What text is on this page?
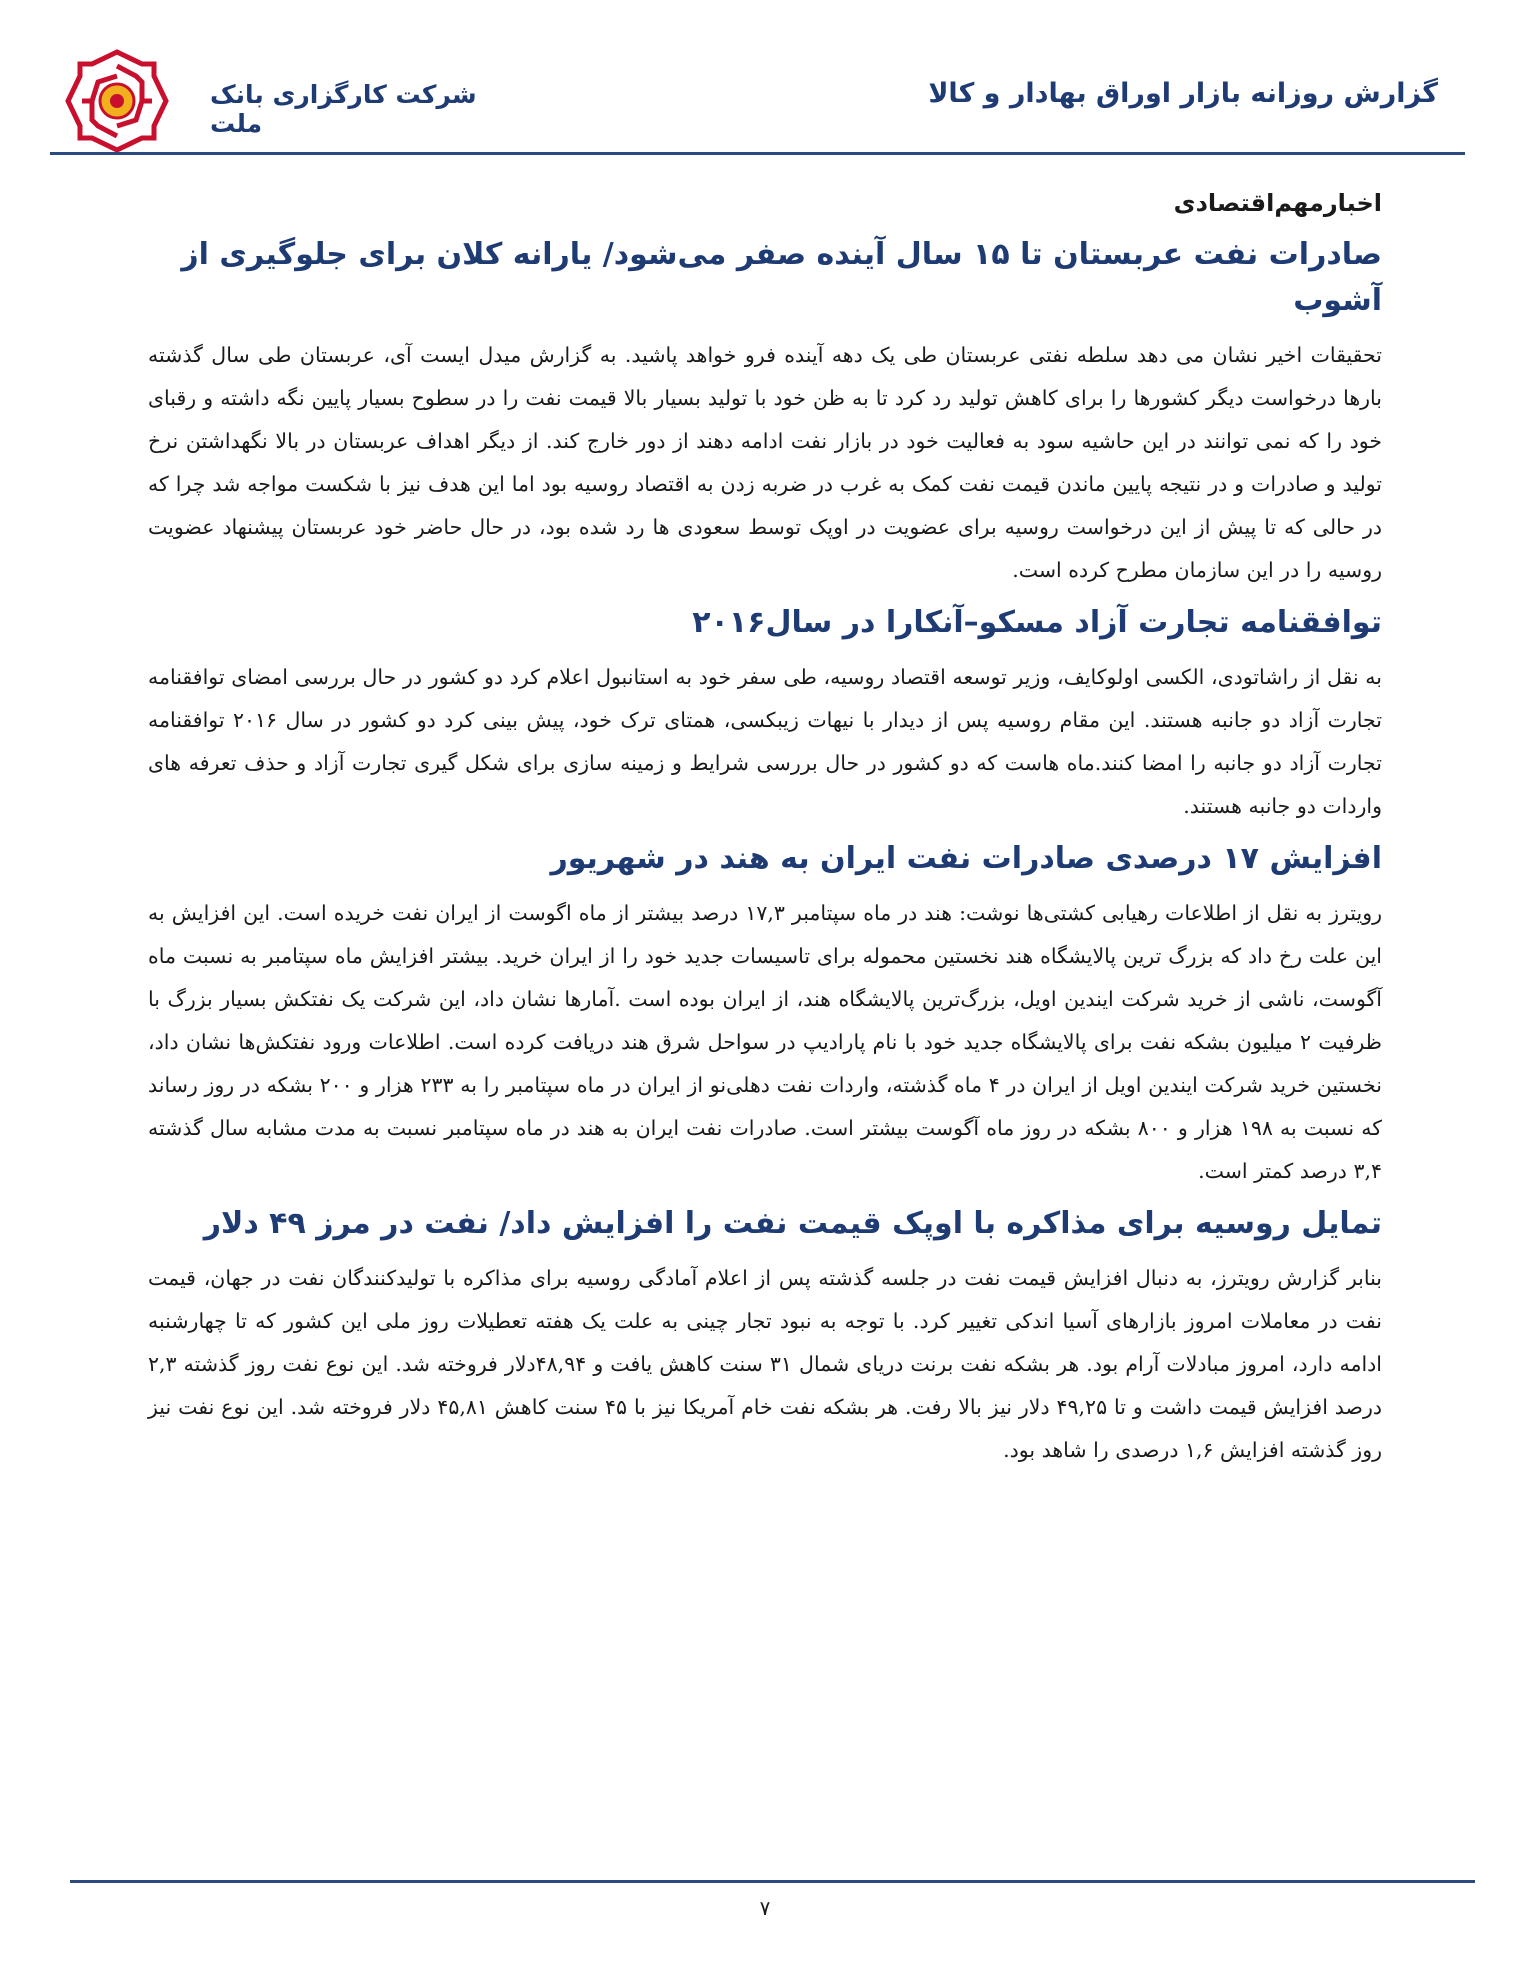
شرکت کارگزاری بانک ملت
گزارش روزانه بازار اوراق بهادار و کالا
اخبارمهم‌اقتصادی
صادرات نفت عربستان تا ۱۵ سال آینده صفر می‌شود/ یارانه کلان برای جلوگیری از آشوب

تحقیقات اخیر نشان می دهد سلطه نفتی عربستان طی یک دهه آینده فرو خواهد پاشید. به گزارش میدل ایست آی، عربستان طی سال گذشته بارها درخواست دیگر کشورها را برای کاهش تولید رد کرد تا به ظن خود با تولید بسیار بالا قیمت نفت را در سطوح بسیار پایین نگه داشته و رقبای خود را که نمی توانند در این حاشیه سود به فعالیت خود در بازار نفت ادامه دهند از دور خارج کند. از دیگر اهداف عربستان در بالا نگهداشتن نرخ تولید و صادرات و در نتیجه پایین ماندن قیمت نفت کمک به غرب در ضربه زدن به اقتصاد روسیه بود اما این هدف نیز با شکست مواجه شد چرا که در حالی که تا پیش از این درخواست روسیه برای عضویت در اوپک توسط سعودی ها رد شده بود، در حال حاضر خود عربستان پیشنهاد عضویت روسیه را در این سازمان مطرح کرده است.

توافقنامه تجارت آزاد مسکو–آنکارا در سال۲۰۱۶

به نقل از راشاتودی، الکسی اولوکایف، وزیر توسعه اقتصاد روسیه، طی سفر خود به استانبول اعلام کرد دو کشور در حال بررسی امضای توافقنامه تجارت آزاد دو جانبه هستند. این مقام روسیه پس از دیدار با نیهات زیبکسی، همتای ترک خود، پیش بینی کرد دو کشور در سال ۲۰۱۶ توافقنامه تجارت آزاد دو جانبه را امضا کنند.ماه هاست که دو کشور در حال بررسی شرایط و زمینه سازی برای شکل گیری تجارت آزاد و حذف تعرفه های واردات دو جانبه هستند.

افزایش ۱۷ درصدی صادرات نفت ایران به هند در شهریور

رویترز به نقل از اطلاعات رهیابی کشتی‌ها نوشت: هند در ماه سپتامبر ۱۷,۳ درصد بیشتر از ماه اگوست از ایران نفت خریده است. این افزایش به این علت رخ داد که بزرگ ترین پالایشگاه هند نخستین محموله برای تاسیسات جدید خود را از ایران خرید. بیشتر افزایش ماه سپتامبر به نسبت ماه آگوست، ناشی از خرید شرکت ایندین اویل، بزرگ‌ترین پالایشگاه هند، از ایران بوده است .آمارها نشان داد، این شرکت یک نفتکش بسیار بزرگ با ظرفیت ۲ میلیون بشکه نفت برای پالایشگاه جدید خود با نام پارادیپ در سواحل شرق هند دریافت کرده است. اطلاعات ورود نفتکش‌ها نشان داد، نخستین خرید شرکت ایندین اویل از ایران در ۴ ماه گذشته، واردات نفت دهلی‌نو از ایران در ماه سپتامبر را به ۲۳۳ هزار و ۲۰۰ بشکه در روز رساند که نسبت به ۱۹۸ هزار و ۸۰۰ بشکه در روز ماه آگوست بیشتر است. صادرات نفت ایران به هند در ماه سپتامبر نسبت به مدت مشابه سال گذشته ۳,۴ درصد کمتر است.

تمایل روسیه برای مذاکره با اوپک قیمت نفت را افزایش داد/ نفت در مرز ۴۹ دلار

بنابر گزارش رویترز، به دنبال افزایش قیمت نفت در جلسه گذشته پس از اعلام آمادگی روسیه برای مذاکره با تولیدکنندگان نفت در جهان، قیمت نفت در معاملات امروز بازارهای آسیا اندکی تغییر کرد. با توجه به نبود تجار چینی به علت یک هفته تعطیلات روز ملی این کشور که تا چهارشنبه ادامه دارد، امروز مبادلات آرام بود. هر بشکه نفت برنت دریای شمال ۳۱ سنت کاهش یافت و ۴۸,۹۴دلار فروخته شد. این نوع نفت روز گذشته ۲,۳ درصد افزایش قیمت داشت و تا ۴۹,۲۵ دلار نیز بالا رفت. هر بشکه نفت خام آمریکا نیز با ۴۵ سنت کاهش ۴۵,۸۱ دلار فروخته شد. این نوع نفت نیز روز گذشته افزایش ۱,۶ درصدی را شاهد بود.

۷
